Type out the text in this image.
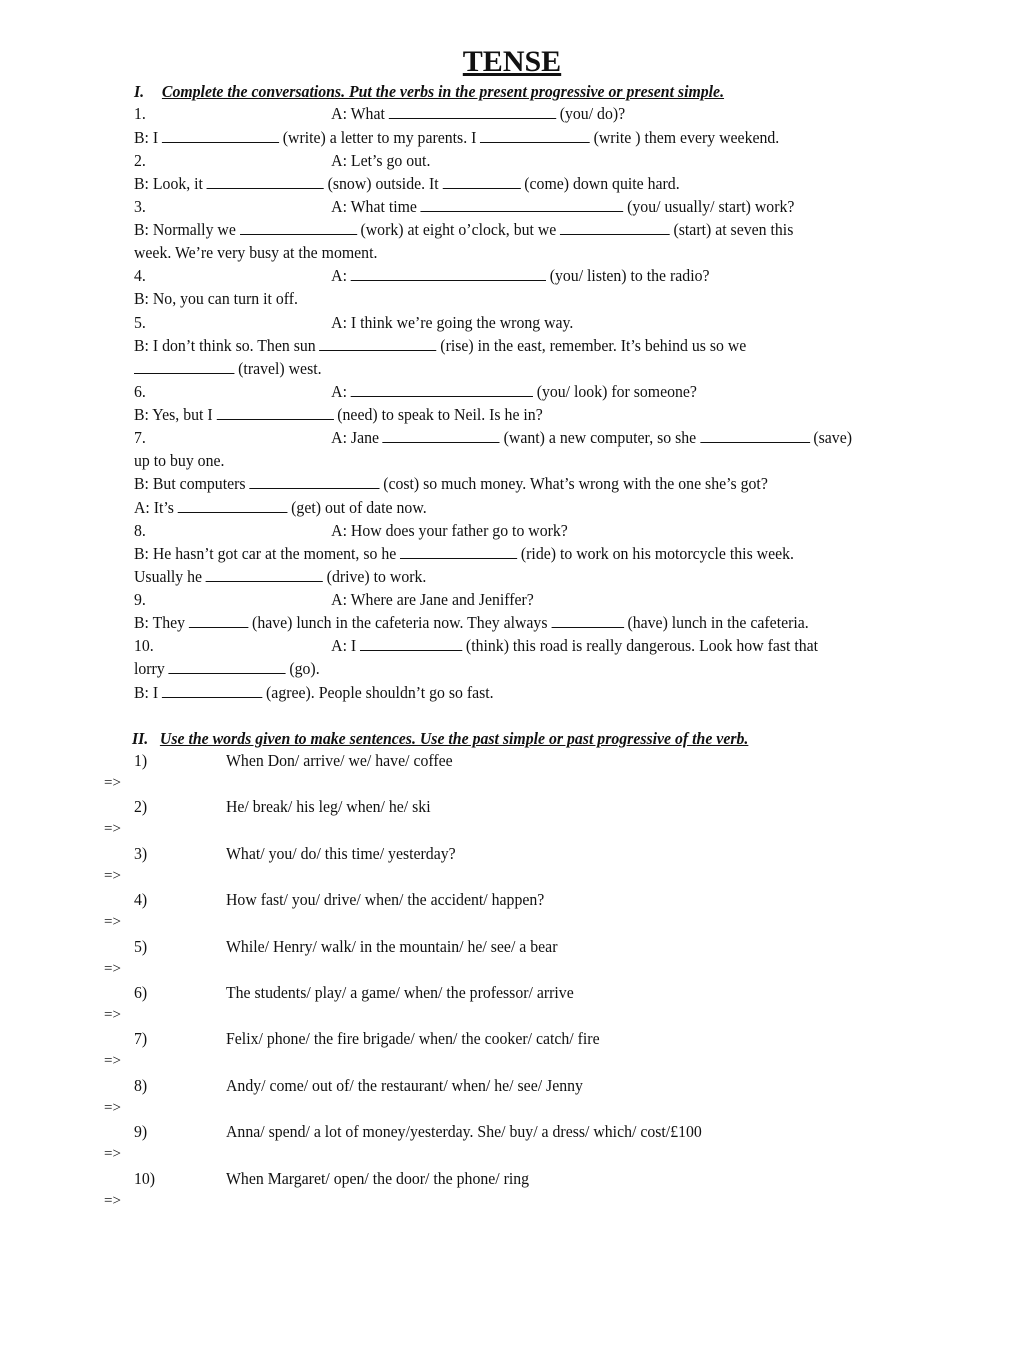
TENSE
I. Complete the conversations. Put the verbs in the present progressive or present simple.
1.	A: What	(you/ do)?
B: I	(write) a letter to my parents. I	(write ) them every weekend.
2.	A: Let’s go out.
B: Look, it	(snow) outside. It	(come) down quite hard.
3.	A: What time	(you/ usually/ start) work?
B: Normally we	(work) at eight o’clock, but we	(start) at seven this
week. We’re very busy at the moment.
4.	A:	(you/ listen) to the radio?
B: No, you can turn it off.
5.	A: I think we’re going the wrong way.
B: I don’t think so. Then sun	(rise) in the east, remember. It’s behind us so we
(travel) west.
6.	A:	(you/ look) for someone?
B: Yes, but I	(need) to speak to Neil. Is he in?
7.	A: Jane	(want) a new computer, so she	(save)
up to buy one.
B: But computers	(cost) so much money. What’s wrong with the one she’s got?
A: It’s	(get) out of date now.
8.	A: How does your father go to work?
B: He hasn’t got car at the moment, so he	(ride) to work on his motorcycle this week.
Usually he	(drive) to work.
9.	A: Where are Jane and Jeniffer?
B: They	(have) lunch in the cafeteria now. They always	(have) lunch in the cafeteria.
10.	A: I	(think) this road is really dangerous. Look how fast that
lorry	(go).
B: I	(agree). People shouldn’t go so fast.
II. Use the words given to make sentences. Use the past simple or past progressive of the verb.
1)	When Don/ arrive/ we/ have/ coffee
=>
2)	He/ break/ his leg/ when/ he/ ski
=>
3)	What/ you/ do/ this time/ yesterday?
=>
4)	How fast/ you/ drive/ when/ the accident/ happen?
=>
5)	While/ Henry/ walk/ in the mountain/ he/ see/ a bear
=>
6)	The students/ play/ a game/ when/ the professor/ arrive
=>
7)	Felix/ phone/ the fire brigade/ when/ the cooker/ catch/ fire
=>
8)	Andy/ come/ out of/ the restaurant/ when/ he/ see/ Jenny
=>
9)	Anna/ spend/ a lot of money/yesterday. She/ buy/ a dress/ which/ cost/£100
=>
10)	When Margaret/ open/ the door/ the phone/ ring
=>
